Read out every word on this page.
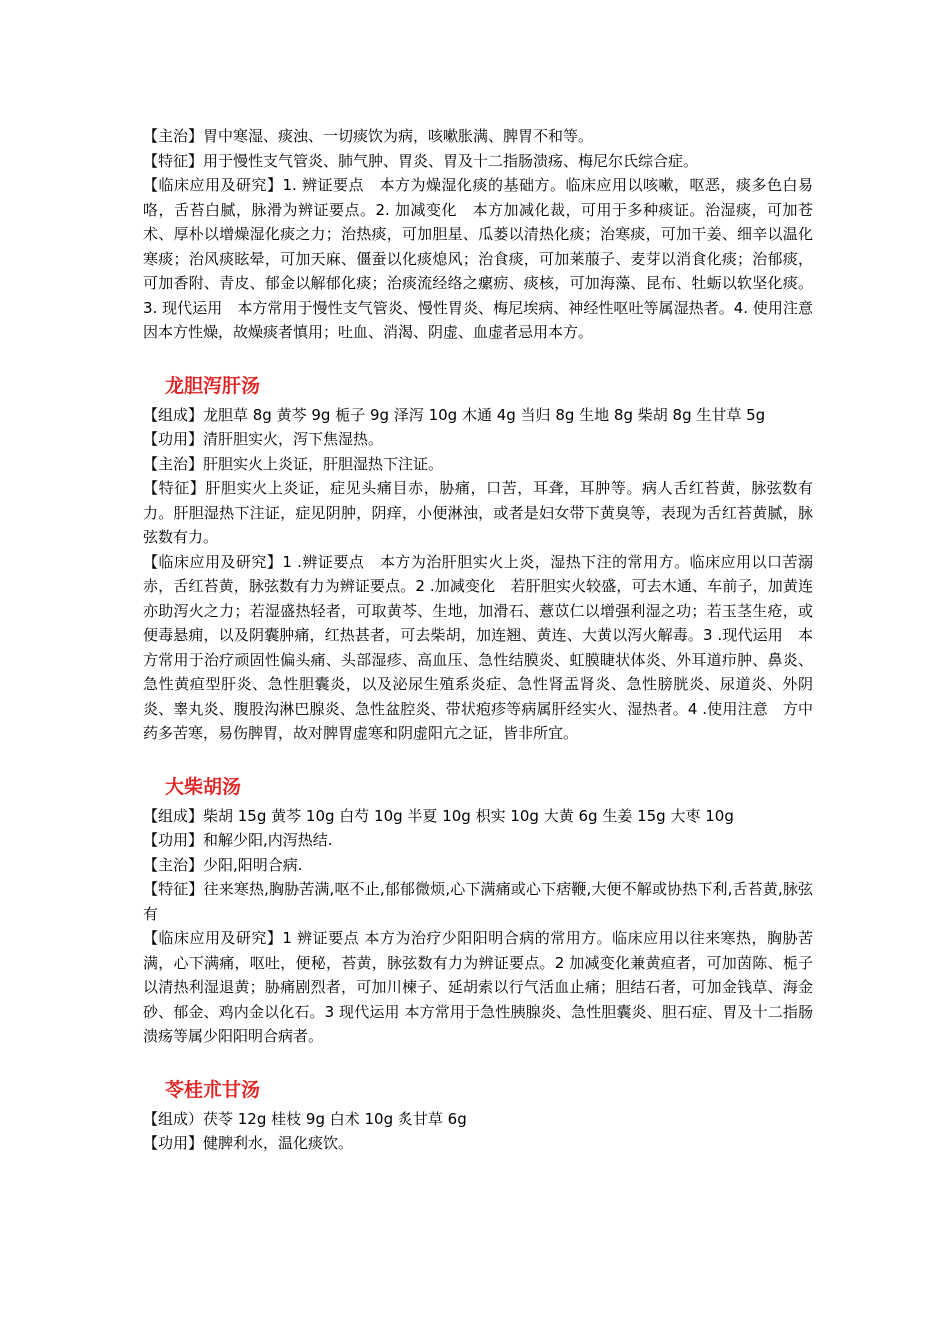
【主治】胃中寒湿、痰浊、一切痰饮为病，咳嗽胀满、脾胃不和等。

【特征】用于慢性支气管炎、肺气肿、胃炎、胃及十二指肠溃疡、梅尼尔氏综合症。

【临床应用及研究】1. 辨证要点　本方为燥湿化痰的基础方。临床应用以咳嗽，呕恶，痰多色白易咯，舌苔白腻，脉滑为辨证要点。2. 加减变化　本方加减化裁，可用于多种痰证。治湿痰，可加苍术、厚朴以增燥湿化痰之力；治热痰，可加胆星、瓜蒌以清热化痰；治寒痰，可加干姜、细辛以温化寒痰；治风痰眩晕，可加天麻、僵蚕以化痰熄风；治食痰，可加莱菔子、麦芽以消食化痰；治郁痰，可加香附、青皮、郁金以解郁化痰；治痰流经络之瘰疬、痰核，可加海藻、昆布、牡蛎以软坚化痰。3. 现代运用　本方常用于慢性支气管炎、慢性胃炎、梅尼埃病、神经性呕吐等属湿热者。4. 使用注意　因本方性燥，故燥痰者慎用；吐血、消渴、阴虚、血虚者忌用本方。

龙胆泻肝汤

【组成】龙胆草 8g 黄芩 9g 栀子 9g 泽泻 10g 木通 4g 当归 8g 生地 8g 柴胡 8g 生甘草 5g

【功用】清肝胆实火，泻下焦湿热。

【主治】肝胆实火上炎证，肝胆湿热下注证。

【特征】肝胆实火上炎证，症见头痛目赤，胁痛，口苦，耳聋，耳肿等。病人舌红苔黄，脉弦数有力。肝胆湿热下注证，症见阴肿，阴痒，小便淋浊，或者是妇女带下黄臭等，表现为舌红苔黄腻，脉弦数有力。

【临床应用及研究】1 .辨证要点　本方为治肝胆实火上炎，湿热下注的常用方。临床应用以口苦溺赤，舌红苔黄，脉弦数有力为辨证要点。2 .加减变化　若肝胆实火较盛，可去木通、车前子，加黄连亦助泻火之力；若湿盛热轻者，可取黄芩、生地，加滑石、薏苡仁以增强利湿之功；若玉茎生疮，或便毒悬痈，以及阴囊肿痛，红热甚者，可去柴胡，加连翘、黄连、大黄以泻火解毒。3 .现代运用　本方常用于治疗顽固性偏头痛、头部湿疹、高血压、急性结膜炎、虹膜睫状体炎、外耳道疖肿、鼻炎、急性黄疸型肝炎、急性胆囊炎，以及泌尿生殖系炎症、急性肾盂肾炎、急性膀胱炎、尿道炎、外阴炎、睾丸炎、腹股沟淋巴腺炎、急性盆腔炎、带状疱疹等病属肝经实火、湿热者。4 .使用注意　方中药多苦寒，易伤脾胃，故对脾胃虚寒和阴虚阳亢之证，皆非所宜。

大柴胡汤

【组成】柴胡 15g 黄芩 10g 白芍 10g 半夏 10g 枳实 10g 大黄 6g 生姜 15g 大枣 10g

【功用】和解少阳,内泻热结.

【主治】少阳,阳明合病.

【特征】往来寒热,胸胁苦满,呕不止,郁郁微烦,心下满痛或心下痞鞭,大便不解或协热下利,舌苔黄,脉弦有

【临床应用及研究】1 辨证要点 本方为治疗少阳阳明合病的常用方。临床应用以往来寒热，胸胁苦满，心下满痛，呕吐，便秘，苔黄，脉弦数有力为辨证要点。2 加减变化兼黄疸者，可加茵陈、栀子以清热利湿退黄；胁痛剧烈者，可加川楝子、延胡索以行气活血止痛；胆结石者，可加金钱草、海金砂、郁金、鸡内金以化石。3 现代运用 本方常用于急性胰腺炎、急性胆囊炎、胆石症、胃及十二指肠溃疡等属少阳阳明合病者。

苓桂朮甘汤

【组成）茯苓 12g 桂枝 9g 白术 10g 炙甘草 6g

【功用】健脾利水，温化痰饮。
